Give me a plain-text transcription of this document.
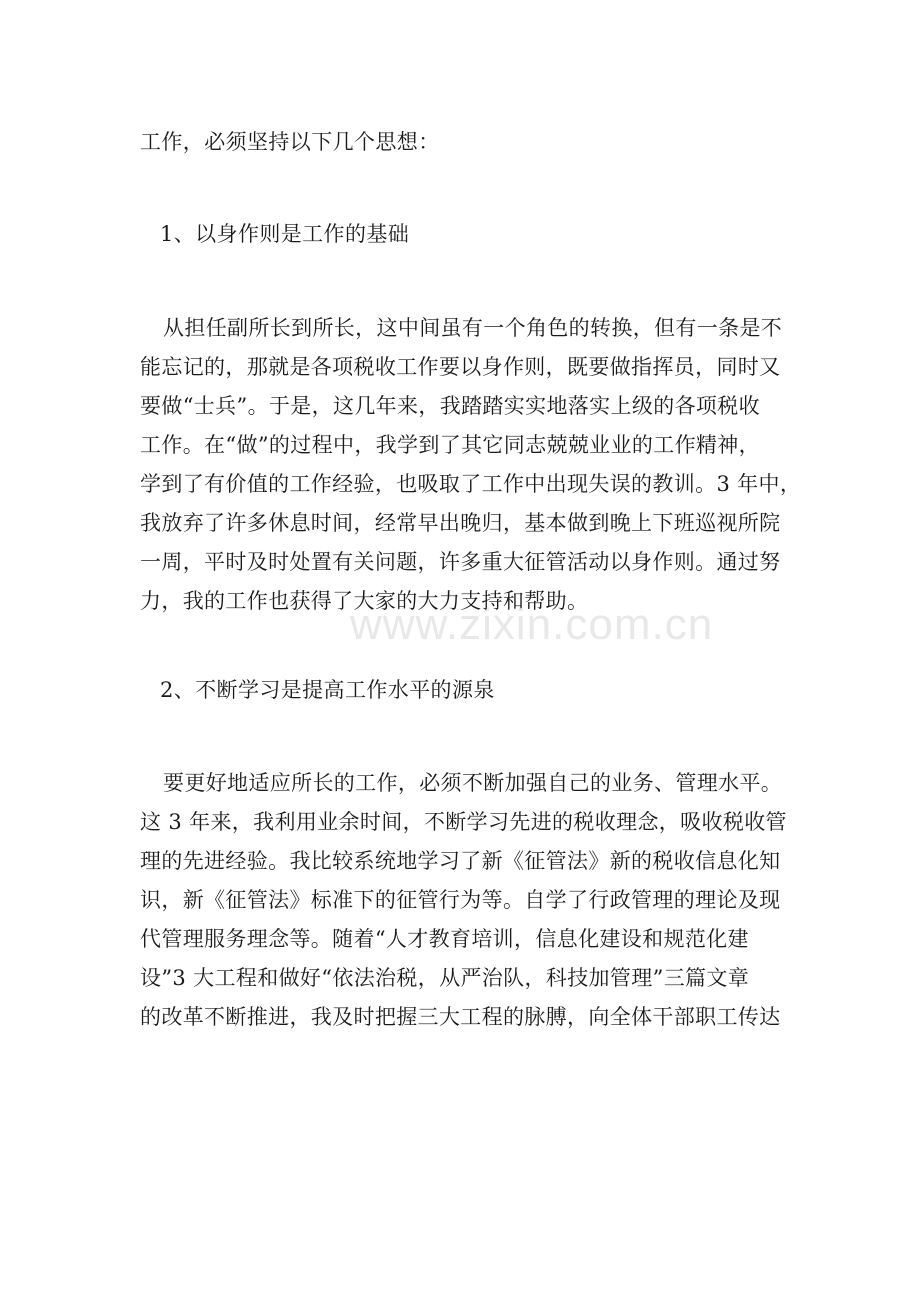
工作，必须坚持以下几个思想：
1、以身作则是工作的基础
从担任副所长到所长，这中间虽有一个角色的转换，但有一条是不
能忘记的，那就是各项税收工作要以身作则，既要做指挥员，同时又
要做“士兵”。于是，这几年来，我踏踏实实地落实上级的各项税收
工作。在“做”的过程中，我学到了其它同志兢兢业业的工作精神，
学到了有价值的工作经验，也吸取了工作中出现失误的教训。3 年中，
我放弃了许多休息时间，经常早出晚归，基本做到晚上下班巡视所院
一周，平时及时处置有关问题，许多重大征管活动以身作则。通过努
力，我的工作也获得了大家的大力支持和帮助。
www.zixin.com.cn
2、不断学习是提高工作水平的源泉
要更好地适应所长的工作，必须不断加强自己的业务、管理水平。
这 3 年来，我利用业余时间，不断学习先进的税收理念，吸收税收管
理的先进经验。我比较系统地学习了新《征管法》新的税收信息化知
识，新《征管法》标准下的征管行为等。自学了行政管理的理论及现
代管理服务理念等。随着“人才教育培训，信息化建设和规范化建
设”3 大工程和做好“依法治税，从严治队，科技加管理”三篇文章
的改革不断推进，我及时把握三大工程的脉膊，向全体干部职工传达
